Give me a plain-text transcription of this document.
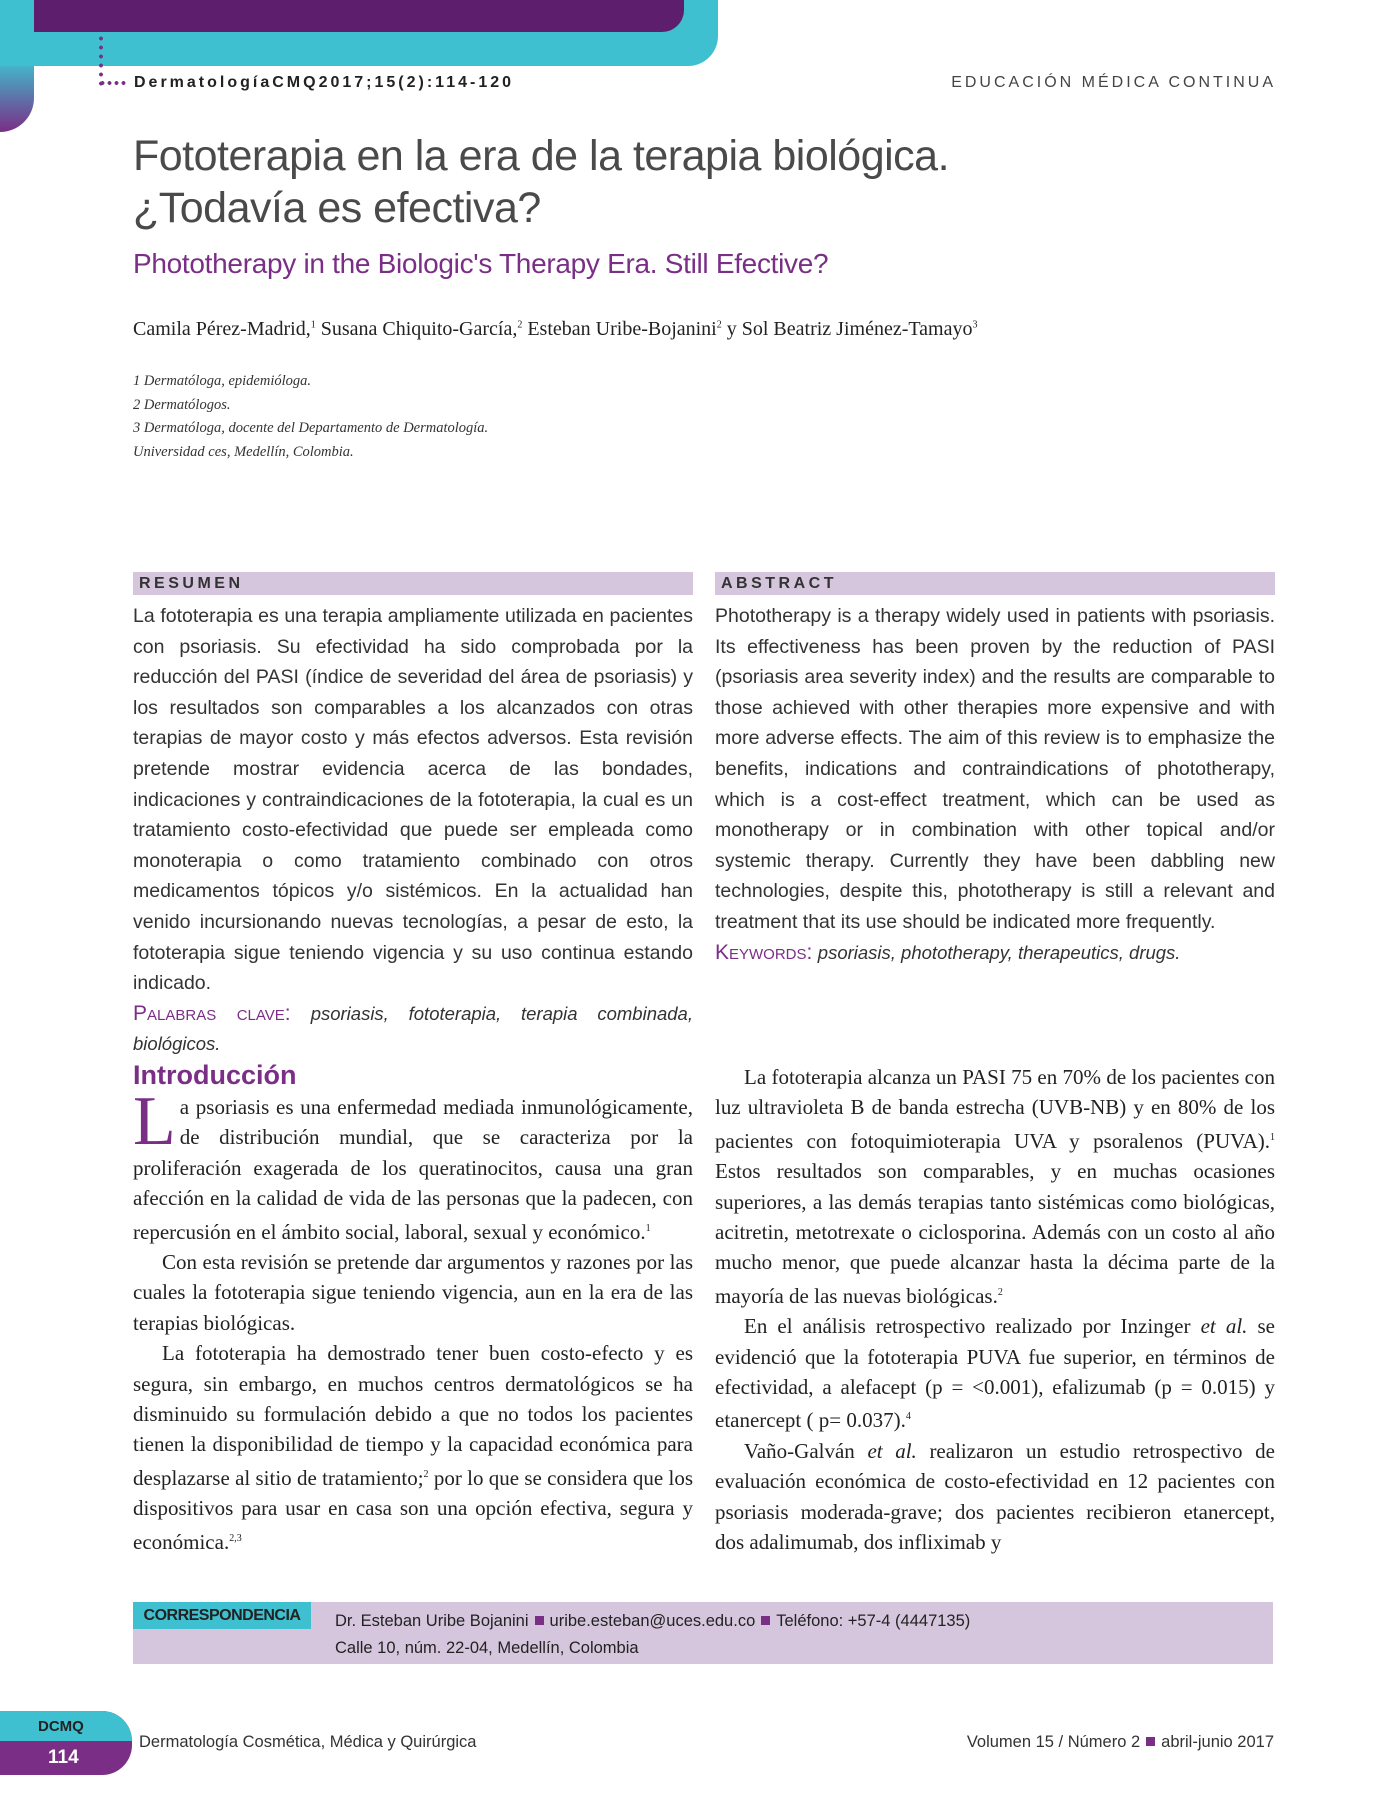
DermatologíaCMQ2017;15(2):114-120	EDUCACIÓN MÉDICA CONTINUA
Fototerapia en la era de la terapia biológica.
¿Todavía es efectiva?
Phototherapy in the Biologic's Therapy Era. Still Efective?
Camila Pérez-Madrid,$^1$ Susana Chiquito-García,$^2$ Esteban Uribe-Bojanini$^2$ y Sol Beatriz Jiménez-Tamayo$^3$
1 Dermatóloga, epidemióloga.
2 Dermatólogos.
3 Dermatóloga, docente del Departamento de Dermatología.
Universidad ces, Medellín, Colombia.
RESUMEN
La fototerapia es una terapia ampliamente utilizada en pacientes con psoriasis. Su efectividad ha sido comprobada por la reducción del PASI (índice de severidad del área de psoriasis) y los resultados son comparables a los alcanzados con otras terapias de mayor costo y más efectos adversos. Esta revisión pretende mostrar evidencia acerca de las bondades, indicaciones y contraindicaciones de la fototerapia, la cual es un tratamiento costo-efectividad que puede ser empleada como monoterapia o como tratamiento combinado con otros medicamentos tópicos y/o sistémicos. En la actualidad han venido incursionando nuevas tecnologías, a pesar de esto, la fototerapia sigue teniendo vigencia y su uso continua estando indicado.
Palabras clave: psoriasis, fototerapia, terapia combinada, biológicos.
ABSTRACT
Phototherapy is a therapy widely used in patients with psoriasis. Its effectiveness has been proven by the reduction of PASI (psoriasis area severity index) and the results are comparable to those achieved with other therapies more expensive and with more adverse effects. The aim of this review is to emphasize the benefits, indications and contraindications of phototherapy, which is a cost-effect treatment, which can be used as monotherapy or in combination with other topical and/or systemic therapy. Currently they have been dabbling new technologies, despite this, phototherapy is still a relevant and treatment that its use should be indicated more frequently.
Keywords: psoriasis, phototherapy, therapeutics, drugs.
Introducción

La psoriasis es una enfermedad mediada inmunológicamente, de distribución mundial, que se caracteriza por la proliferación exagerada de los queratinocitos, causa una gran afección en la calidad de vida de las personas que la padecen, con repercusión en el ámbito social, laboral, sexual y económico.$^1$

Con esta revisión se pretende dar argumentos y razones por las cuales la fototerapia sigue teniendo vigencia, aun en la era de las terapias biológicas.

La fototerapia ha demostrado tener buen costo-efecto y es segura, sin embargo, en muchos centros dermatológicos se ha disminuido su formulación debido a que no todos los pacientes tienen la disponibilidad de tiempo y la capacidad económica para desplazarse al sitio de tratamiento;$^2$ por lo que se considera que los dispositivos para usar en casa son una opción efectiva, segura y económica.$^{2,3}$

La fototerapia alcanza un PASI 75 en 70% de los pacientes con luz ultravioleta B de banda estrecha (UVB-NB) y en 80% de los pacientes con fotoquimioterapia UVA y psoralenos (PUVA).$^1$ Estos resultados son comparables, y en muchas ocasiones superiores, a las demás terapias tanto sistémicas como biológicas, acitretin, metotrexate o ciclosporina. Además con un costo al año mucho menor, que puede alcanzar hasta la décima parte de la mayoría de las nuevas biológicas.$^2$

En el análisis retrospectivo realizado por Inzinger et al. se evidenció que la fototerapia PUVA fue superior, en términos de efectividad, a alefacept (p = <0.001), efalizumab (p = 0.015) y etanercept ( p= 0.037).$^4$

Vaño-Galván et al. realizaron un estudio retrospectivo de evaluación económica de costo-efectividad en 12 pacientes con psoriasis moderada-grave; dos pacientes recibieron etanercept, dos adalimumab, dos infliximab y

CORRESPONDENCIA	Dr. Esteban Uribe Bojanini uribe.esteban@uces.edu.co Teléfono: +57-4 (4447135)
Calle 10, núm. 22-04, Medellín, Colombia
DCMQ
114
Dermatología Cosmética, Médica y Quirúrgica	Volumen 15 / Número 2 abril-junio 2017
